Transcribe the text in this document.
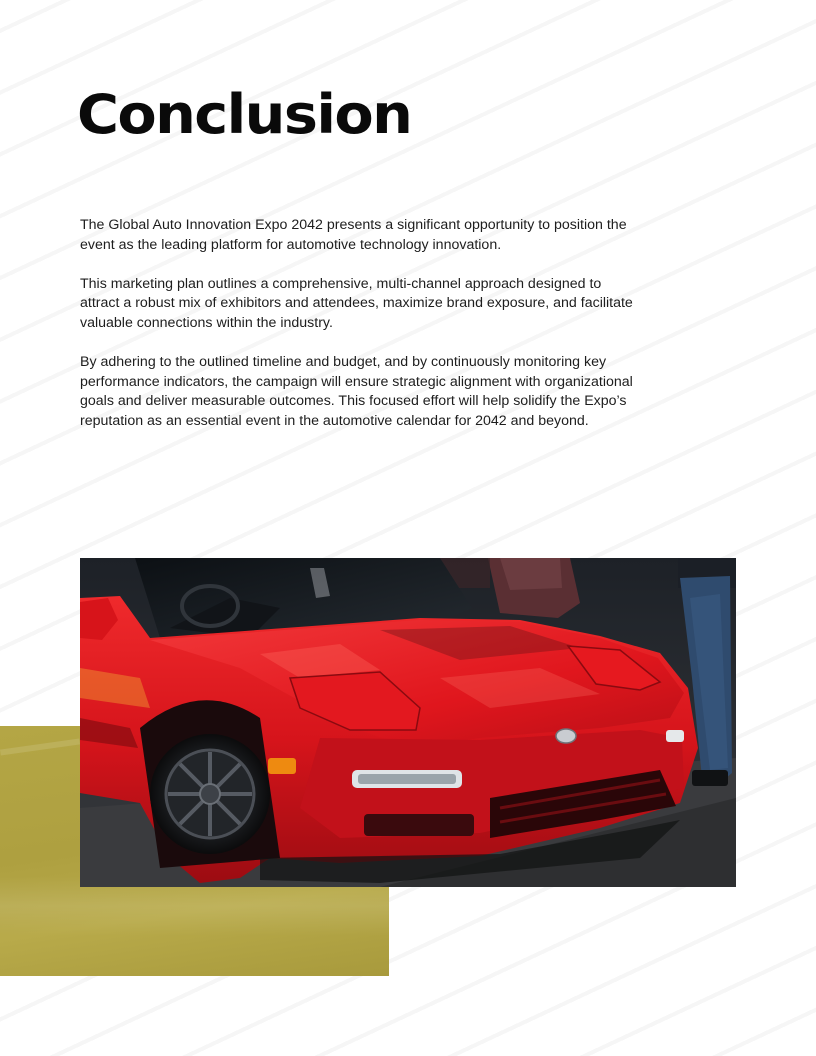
Conclusion

The Global Auto Innovation Expo 2042 presents a significant opportunity to position the event as the leading platform for automotive technology innovation.

This marketing plan outlines a comprehensive, multi-channel approach designed to attract a robust mix of exhibitors and attendees, maximize brand exposure, and facilitate valuable connections within the industry.

By adhering to the outlined timeline and budget, and by continuously monitoring key performance indicators, the campaign will ensure strategic alignment with organizational goals and deliver measurable outcomes. This focused effort will help solidify the Expo’s reputation as an essential event in the automotive calendar for 2042 and beyond.
